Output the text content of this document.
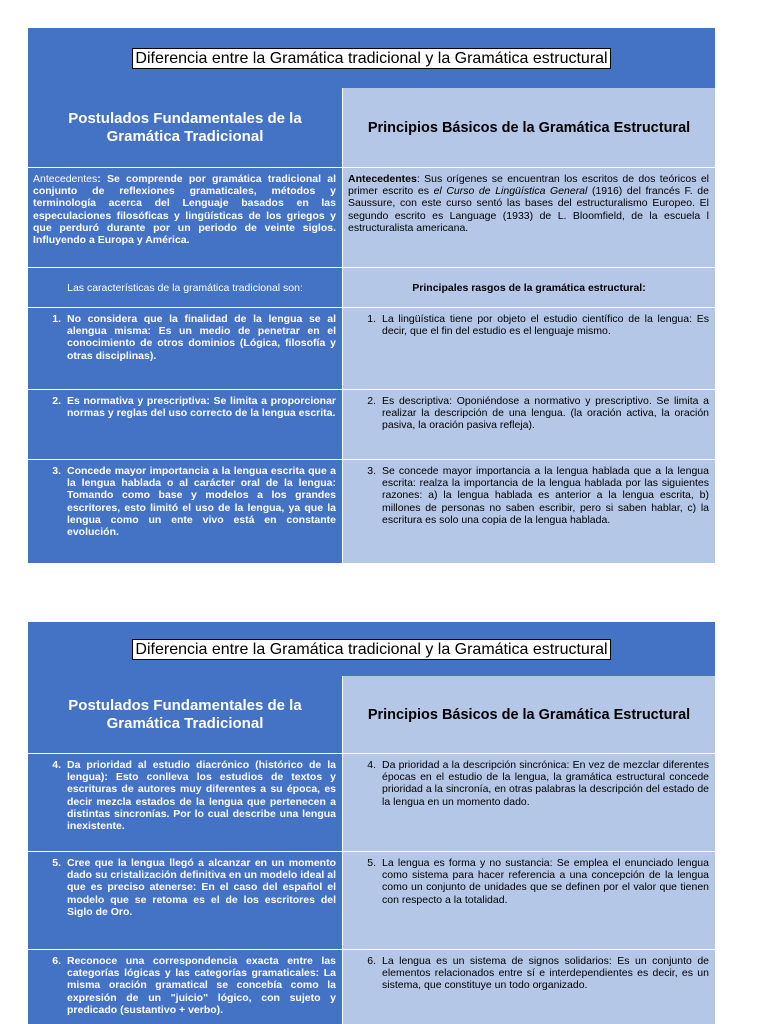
Diferencia entre la Gramática tradicional y la Gramática estructural
Postulados Fundamentales de la Gramática Tradicional	Principios Básicos de la Gramática Estructural
Antecedentes: Se comprende por gramática tradicional al conjunto de reflexiones gramaticales, métodos y terminología acerca del Lenguaje basados en las especulaciones filosóficas y lingüísticas de los griegos y que perduró durante por un periodo de veinte siglos. Influyendo a Europa y América.
Antecedentes: Sus orígenes se encuentran los escritos de dos teóricos el primer escrito es el Curso de Lingüística General (1916) del francés F. de Saussure, con este curso sentó las bases del estructuralismo Europeo. El segundo escrito es Language (1933) de L. Bloomfield, de la escuela l estructuralista americana.
Las características de la gramática tradicional son:	Principales rasgos de la gramática estructural:
1. No considera que la finalidad de la lengua se al alengua misma: Es un medio de penetrar en el conocimiento de otros dominios (Lógica, filosofía y otras disciplinas).
1. La lingüística tiene por objeto el estudio científico de la lengua: Es decir, que el fin del estudio es el lenguaje mismo.
2. Es normativa y prescriptiva: Se limita a proporcionar normas y reglas del uso correcto de la lengua escrita.
2. Es descriptiva: Oponiéndose a normativo y prescriptivo. Se limita a realizar la descripción de una lengua. (la oración activa, la oración pasiva, la oración pasiva refleja).
3. Concede mayor importancia a la lengua escrita que a la lengua hablada o al carácter oral de la lengua: Tomando como base y modelos a los grandes escritores, esto limitó el uso de la lengua, ya que la lengua como un ente vivo está en constante evolución.
3. Se concede mayor importancia a la lengua hablada que a la lengua escrita: realza la importancia de la lengua hablada por las siguientes razones: a) la lengua hablada es anterior a la lengua escrita, b) millones de personas no saben escribir, pero si saben hablar, c) la escritura es solo una copia de la lengua hablada.
Diferencia entre la Gramática tradicional y la Gramática estructural
Postulados Fundamentales de la Gramática Tradicional	Principios Básicos de la Gramática Estructural
4. Da prioridad al estudio diacrónico (histórico de la lengua): Esto conlleva los estudios de textos y escrituras de autores muy diferentes a su época, es decir mezcla estados de la lengua que pertenecen a distintas sincronías. Por lo cual describe una lengua inexistente.
4. Da prioridad a la descripción sincrónica: En vez de mezclar diferentes épocas en el estudio de la lengua, la gramática estructural concede prioridad a la sincronía, en otras palabras la descripción del estado de la lengua en un momento dado.
5. Cree que la lengua llegó a alcanzar en un momento dado su cristalización definitiva en un modelo ideal al que es preciso atenerse: En el caso del español el modelo que se retoma es el de los escritores del Siglo de Oro.
5. La lengua es forma y no sustancia: Se emplea el enunciado lengua como sistema para hacer referencia a una concepción de la lengua como un conjunto de unidades que se definen por el valor que tienen con respecto a la totalidad.
6. Reconoce una correspondencia exacta entre las categorías lógicas y las categorías gramaticales: La misma oración gramatical se concebía como la expresión de un "juicio" lógico, con sujeto y predicado (sustantivo + verbo).
6. La lengua es un sistema de signos solidarios: Es un conjunto de elementos relacionados entre sí e interdependientes es decir, es un sistema, que constituye un todo organizado.
